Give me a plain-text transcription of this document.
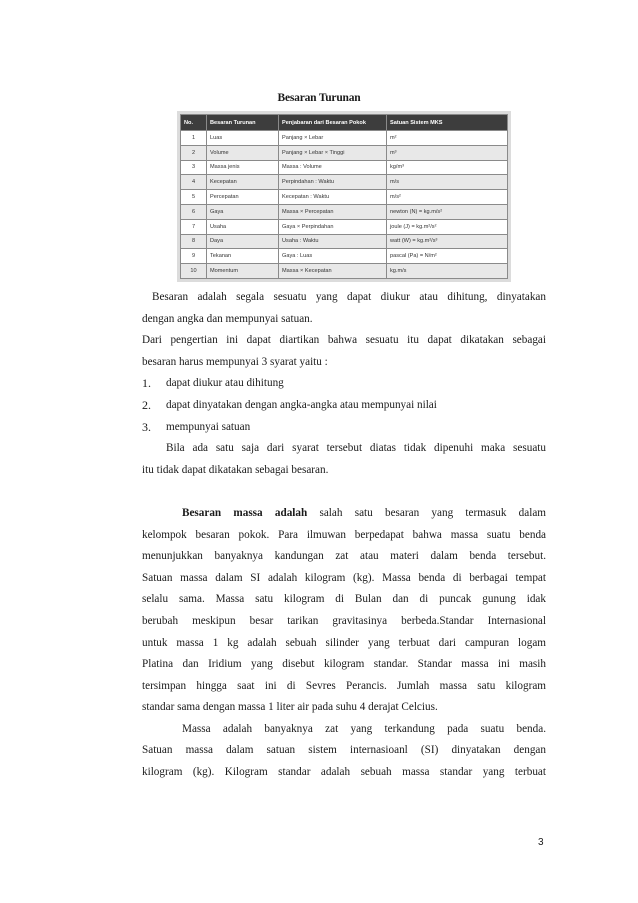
Besaran Turunan
No.	Besaran Turunan	Penjabaran dari Besaran Pokok	Satuan Sistem MKS
1	Luas	Panjang × Lebar	m²
2	Volume	Panjang × Lebar × Tinggi	m³
3	Massa jenis	Massa : Volume	kg/m³
4	Kecepatan	Perpindahan : Waktu	m/s
5	Percepatan	Kecepatan : Waktu	m/s²
6	Gaya	Massa × Percepatan	newton (N) = kg.m/s²
7	Usaha	Gaya × Perpindahan	joule (J) = kg.m²/s²
8	Daya	Usaha : Waktu	watt (W) = kg.m²/s³
9	Tekanan	Gaya : Luas	pascal (Pa) = N/m²
10	Momentum	Massa × Kecepatan	kg.m/s
Besaran adalah segala sesuatu yang dapat diukur atau dihitung, dinyatakan
dengan angka dan mempunyai satuan.
Dari pengertian ini dapat diartikan bahwa sesuatu itu dapat dikatakan sebagai
besaran harus mempunyai 3 syarat yaitu :
1.	dapat diukur atau dihitung
2.	dapat dinyatakan dengan angka-angka atau mempunyai nilai
3.	mempunyai satuan
Bila ada satu saja dari syarat tersebut diatas tidak dipenuhi maka sesuatu
itu tidak dapat dikatakan sebagai besaran.
Besaran massa adalah salah satu besaran yang termasuk dalam
kelompok besaran pokok. Para ilmuwan berpedapat bahwa massa suatu benda
menunjukkan banyaknya kandungan zat atau materi dalam benda tersebut.
Satuan massa dalam SI adalah kilogram (kg). Massa benda di berbagai tempat
selalu sama. Massa satu kilogram di Bulan dan di puncak gunung idak
berubah meskipun besar tarikan gravitasinya berbeda.Standar Internasional
untuk massa 1 kg adalah sebuah silinder yang terbuat dari campuran logam
Platina dan Iridium yang disebut kilogram standar. Standar massa ini masih
tersimpan hingga saat ini di Sevres Perancis. Jumlah massa satu kilogram
standar sama dengan massa 1 liter air pada suhu 4 derajat Celcius.
Massa adalah banyaknya zat yang terkandung pada suatu benda.
Satuan massa dalam satuan sistem internasioanl (SI) dinyatakan dengan
kilogram (kg). Kilogram standar adalah sebuah massa standar yang terbuat
3
